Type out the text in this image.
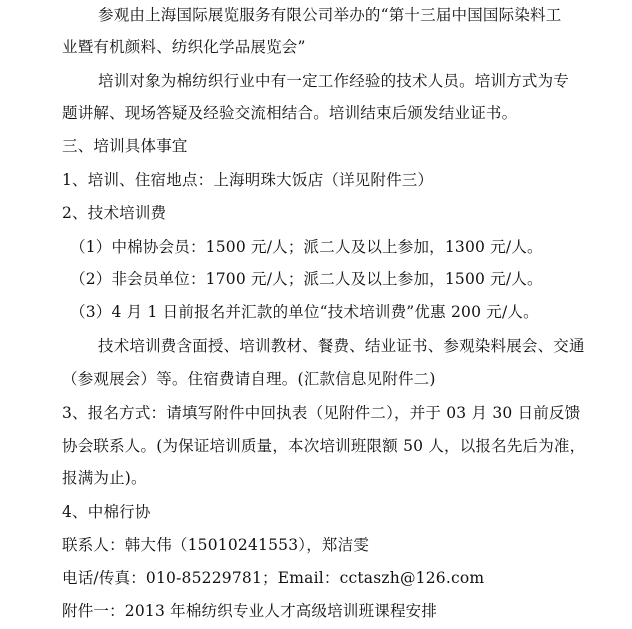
参观由上海国际展览服务有限公司举办的“第十三届中国国际染料工
业暨有机颜料、纺织化学品展览会”
培训对象为棉纺织行业中有一定工作经验的技术人员。培训方式为专
题讲解、现场答疑及经验交流相结合。培训结束后颁发结业证书。
三、培训具体事宜
1、培训、住宿地点：上海明珠大饭店（详见附件三）
2、技术培训费
（1）中棉协会员：1500 元/人；派二人及以上参加，1300 元/人。
（2）非会员单位：1700 元/人；派二人及以上参加，1500 元/人。
（3）4 月 1 日前报名并汇款的单位“技术培训费”优惠 200 元/人。
技术培训费含面授、培训教材、餐费、结业证书、参观染料展会、交通
（参观展会）等。住宿费请自理。(汇款信息见附件二)
3、报名方式：请填写附件中回执表（见附件二），并于 03 月 30 日前反馈
协会联系人。(为保证培训质量，本次培训班限额 50 人，以报名先后为准，
报满为止)。
4、中棉行协
联系人：韩大伟（15010241553），郑洁雯
电话/传真：010-85229781；Email：cctaszh@126.com
附件一：2013 年棉纺织专业人才高级培训班课程安排
